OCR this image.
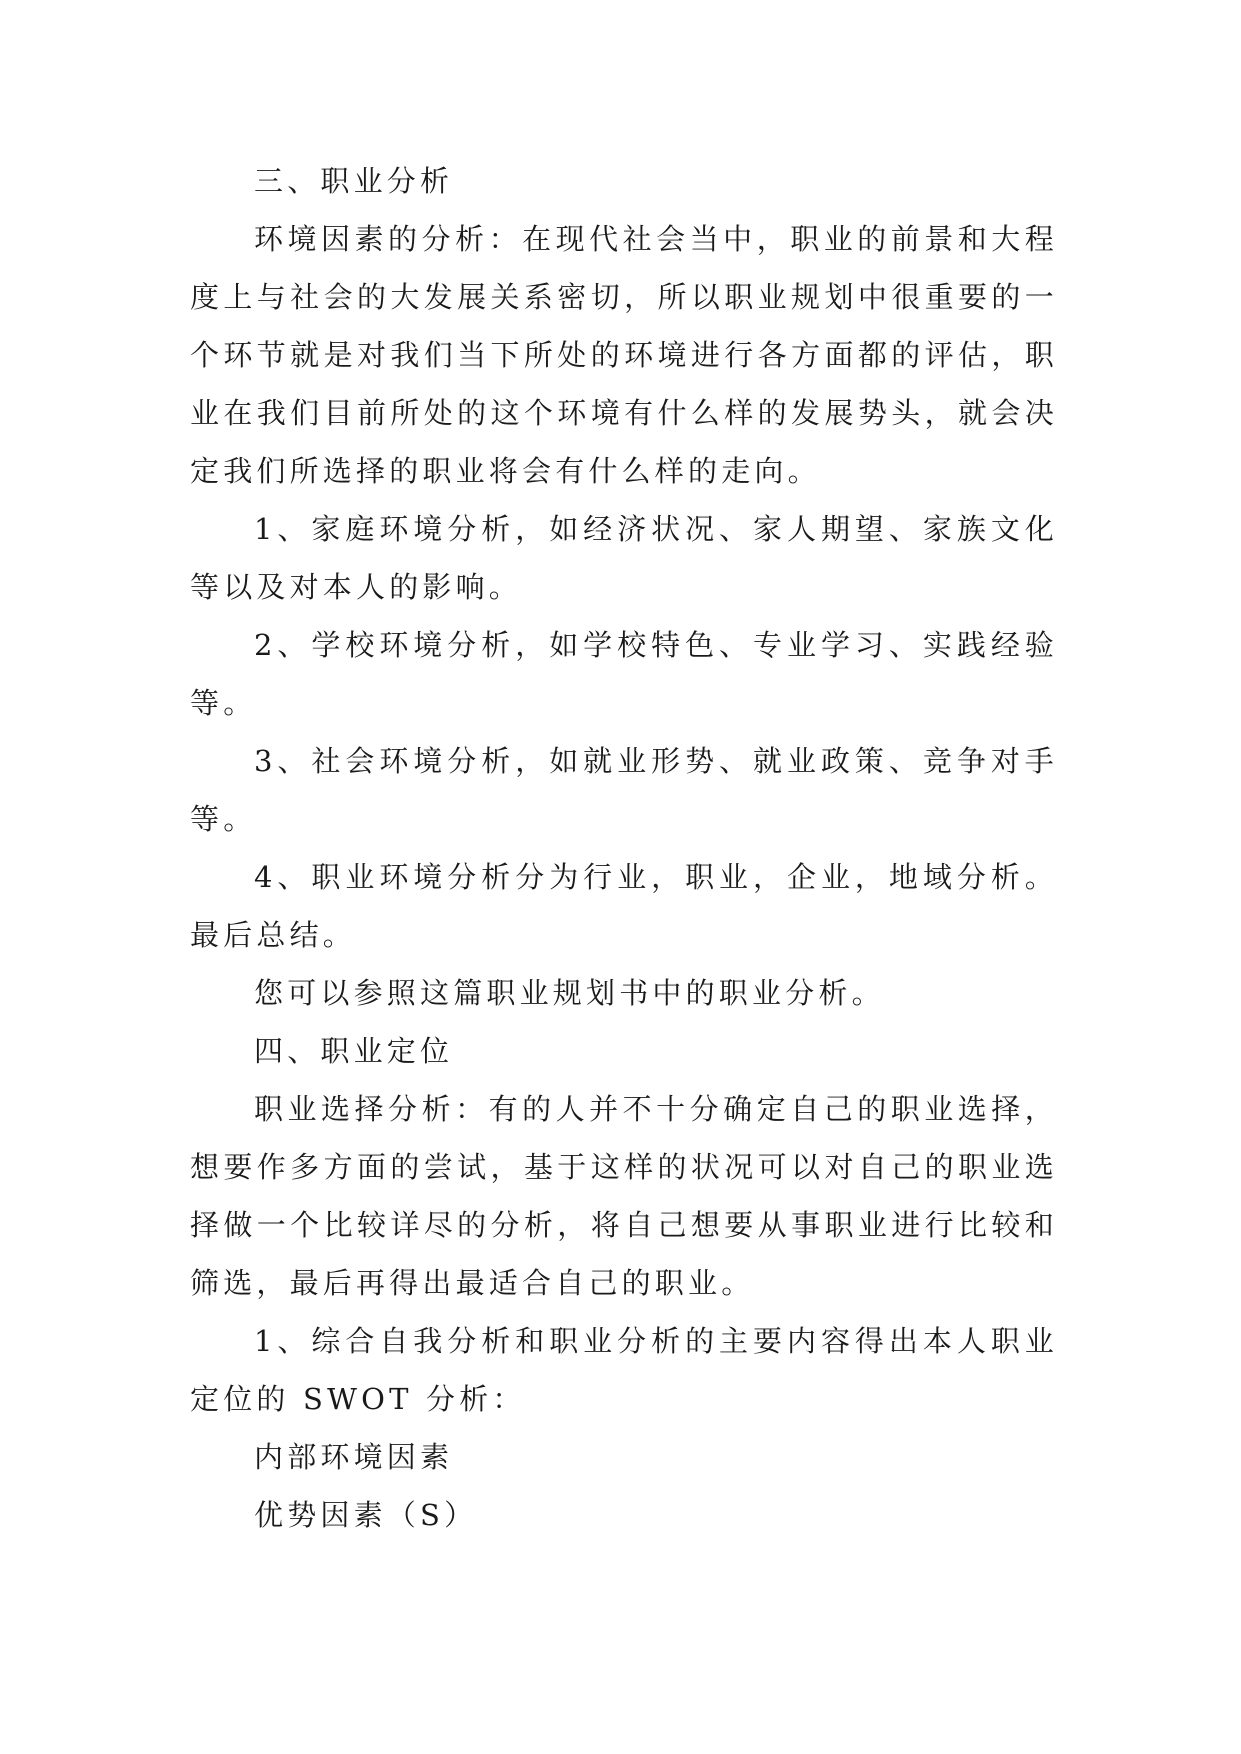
三、职业分析

环境因素的分析：在现代社会当中，职业的前景和大程度上与社会的大发展关系密切，所以职业规划中很重要的一个环节就是对我们当下所处的环境进行各方面都的评估，职业在我们目前所处的这个环境有什么样的发展势头，就会决定我们所选择的职业将会有什么样的走向。

1、家庭环境分析，如经济状况、家人期望、家族文化等以及对本人的影响。

2、学校环境分析，如学校特色、专业学习、实践经验等。

3、社会环境分析，如就业形势、就业政策、竞争对手等。

4、职业环境分析分为行业，职业，企业，地域分析。最后总结。

您可以参照这篇职业规划书中的职业分析。

四、职业定位

职业选择分析：有的人并不十分确定自己的职业选择，想要作多方面的尝试，基于这样的状况可以对自己的职业选择做一个比较详尽的分析，将自己想要从事职业进行比较和筛选，最后再得出最适合自己的职业。

1、综合自我分析和职业分析的主要内容得出本人职业定位的 SWOT 分析：

内部环境因素

优势因素（S）
